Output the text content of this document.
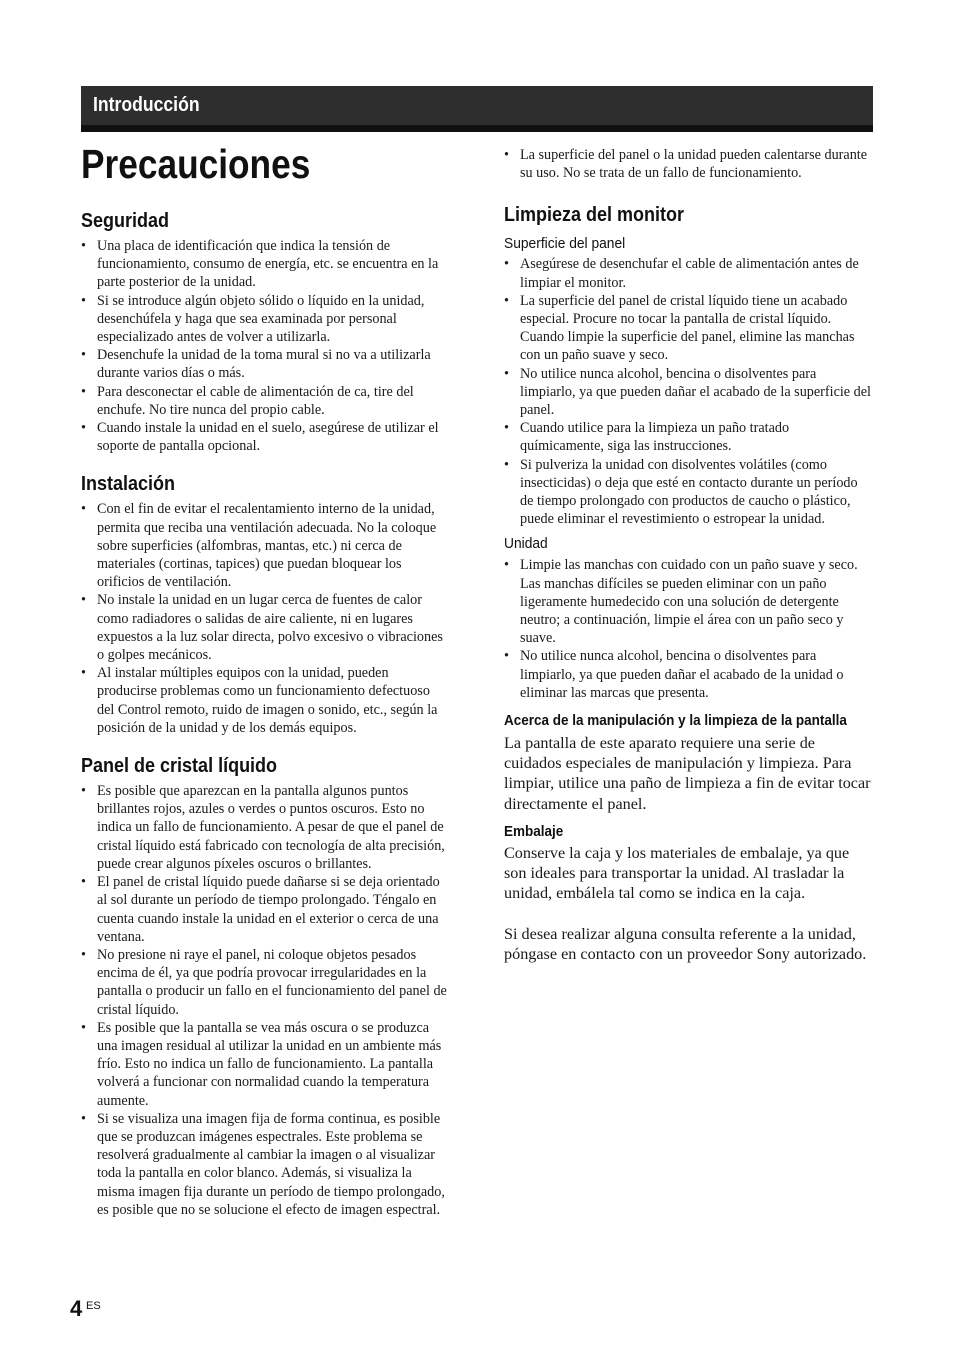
Introducción
Precauciones
Seguridad
• Una placa de identificación que indica la tensión de funcionamiento, consumo de energía, etc. se encuentra en la parte posterior de la unidad.
• Si se introduce algún objeto sólido o líquido en la unidad, desenchúfela y haga que sea examinada por personal especializado antes de volver a utilizarla.
• Desenchufe la unidad de la toma mural si no va a utilizarla durante varios días o más.
• Para desconectar el cable de alimentación de ca, tire del enchufe. No tire nunca del propio cable.
• Cuando instale la unidad en el suelo, asegúrese de utilizar el soporte de pantalla opcional.
Instalación
• Con el fin de evitar el recalentamiento interno de la unidad, permita que reciba una ventilación adecuada. No la coloque sobre superficies (alfombras, mantas, etc.) ni cerca de materiales (cortinas, tapices) que puedan bloquear los orificios de ventilación.
• No instale la unidad en un lugar cerca de fuentes de calor como radiadores o salidas de aire caliente, ni en lugares expuestos a la luz solar directa, polvo excesivo o vibraciones o golpes mecánicos.
• Al instalar múltiples equipos con la unidad, pueden producirse problemas como un funcionamiento defectuoso del Control remoto, ruido de imagen o sonido, etc., según la posición de la unidad y de los demás equipos.
Panel de cristal líquido
• Es posible que aparezcan en la pantalla algunos puntos brillantes rojos, azules o verdes o puntos oscuros. Esto no indica un fallo de funcionamiento. A pesar de que el panel de cristal líquido está fabricado con tecnología de alta precisión, puede crear algunos píxeles oscuros o brillantes.
• El panel de cristal líquido puede dañarse si se deja orientado al sol durante un período de tiempo prolongado. Téngalo en cuenta cuando instale la unidad en el exterior o cerca de una ventana.
• No presione ni raye el panel, ni coloque objetos pesados encima de él, ya que podría provocar irregularidades en la pantalla o producir un fallo en el funcionamiento del panel de cristal líquido.
• Es posible que la pantalla se vea más oscura o se produzca una imagen residual al utilizar la unidad en un ambiente más frío. Esto no indica un fallo de funcionamiento. La pantalla volverá a funcionar con normalidad cuando la temperatura aumente.
• Si se visualiza una imagen fija de forma continua, es posible que se produzcan imágenes espectrales. Este problema se resolverá gradualmente al cambiar la imagen o al visualizar toda la pantalla en color blanco. Además, si visualiza la misma imagen fija durante un período de tiempo prolongado, es posible que no se solucione el efecto de imagen espectral.
• La superficie del panel o la unidad pueden calentarse durante su uso. No se trata de un fallo de funcionamiento.
Limpieza del monitor
Superficie del panel
• Asegúrese de desenchufar el cable de alimentación antes de limpiar el monitor.
• La superficie del panel de cristal líquido tiene un acabado especial. Procure no tocar la pantalla de cristal líquido. Cuando limpie la superficie del panel, elimine las manchas con un paño suave y seco.
• No utilice nunca alcohol, bencina o disolventes para limpiarlo, ya que pueden dañar el acabado de la superficie del panel.
• Cuando utilice para la limpieza un paño tratado químicamente, siga las instrucciones.
• Si pulveriza la unidad con disolventes volátiles (como insecticidas) o deja que esté en contacto durante un período de tiempo prolongado con productos de caucho o plástico, puede eliminar el revestimiento o estropear la unidad.
Unidad
• Limpie las manchas con cuidado con un paño suave y seco. Las manchas difíciles se pueden eliminar con un paño ligeramente humedecido con una solución de detergente neutro; a continuación, limpie el área con un paño seco y suave.
• No utilice nunca alcohol, bencina o disolventes para limpiarlo, ya que pueden dañar el acabado de la unidad o eliminar las marcas que presenta.
Acerca de la manipulación y la limpieza de la pantalla

La pantalla de este aparato requiere una serie de cuidados especiales de manipulación y limpieza. Para limpiar, utilice una paño de limpieza a fin de evitar tocar directamente el panel.

Embalaje

Conserve la caja y los materiales de embalaje, ya que son ideales para transportar la unidad. Al trasladar la unidad, embálela tal como se indica en la caja.

Si desea realizar alguna consulta referente a la unidad, póngase en contacto con un proveedor Sony autorizado.

4 ES
